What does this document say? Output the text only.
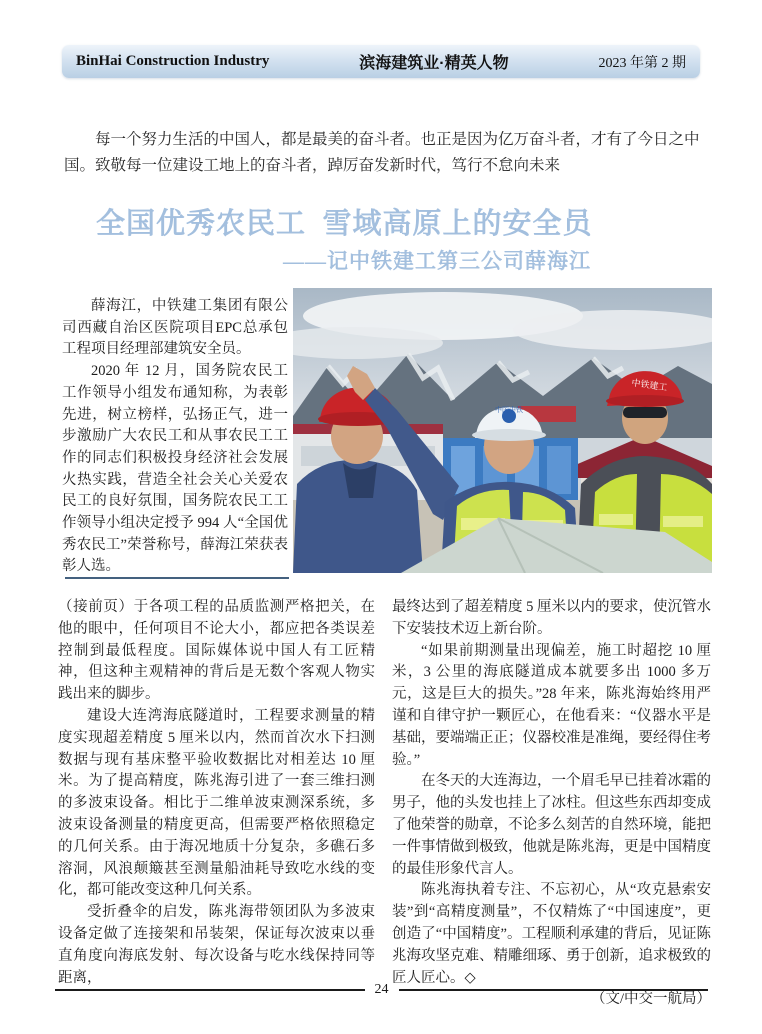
BinHai Construction Industry	滨海建筑业·精英人物	2023 年第 2 期
每一个努力生活的中国人，都是最美的奋斗者。也正是因为亿万奋斗者，才有了今日之中国。致敬每一位建设工地上的奋斗者，踔厉奋发新时代，笃行不怠向未来
全国优秀农民工  雪域高原上的安全员
——记中铁建工第三公司薛海江

薛海江，中铁建工集团有限公司西藏自治区医院项目EPC总承包工程项目经理部建筑安全员。

2020 年 12 月，国务院农民工工作领导小组发布通知称，为表彰先进，树立榜样，弘扬正气，进一步激励广大农民工和从事农民工工作的同志们积极投身经济社会发展火热实践，营造全社会关心关爱农民工的良好氛围，国务院农民工工作领导小组决定授予 994 人“全国优秀农民工”荣誉称号，薛海江荣获表彰人选。

中国中铁
中铁建工

（接前页）于各项工程的品质监测严格把关，在他的眼中，任何项目不论大小，都应把各类误差控制到最低程度。国际媒体说中国人有工匠精神，但这种主观精神的背后是无数个客观人物实践出来的脚步。

建设大连湾海底隧道时，工程要求测量的精度实现超差精度 5 厘米以内，然而首次水下扫测数据与现有基床整平验收数据比对相差达 10 厘米。为了提高精度，陈兆海引进了一套三维扫测的多波束设备。相比于二维单波束测深系统，多波束设备测量的精度更高，但需要严格依照稳定的几何关系。由于海况地质十分复杂，多礁石多溶洞，风浪颠簸甚至测量船油耗导致吃水线的变化，都可能改变这种几何关系。

受折叠伞的启发，陈兆海带领团队为多波束设备定做了连接架和吊装架，保证每次波束以垂直角度向海底发射、每次设备与吃水线保持同等距离，

最终达到了超差精度 5 厘米以内的要求，使沉管水下安装技术迈上新台阶。

“如果前期测量出现偏差，施工时超挖 10 厘米，3 公里的海底隧道成本就要多出 1000 多万元，这是巨大的损失。”28 年来，陈兆海始终用严谨和自律守护一颗匠心，在他看来：“仪器水平是基础，要端端正正；仪器校准是准绳，要经得住考验。”

在冬天的大连海边，一个眉毛早已挂着冰霜的男子，他的头发也挂上了冰柱。但这些东西却变成了他荣誉的勋章，不论多么刻苦的自然环境，能把一件事情做到极致，他就是陈兆海，更是中国精度的最佳形象代言人。

陈兆海执着专注、不忘初心，从“攻克悬索安装”到“高精度测量”，不仅精炼了“中国速度”，更创造了“中国精度”。工程顺利承建的背后，见证陈兆海攻坚克难、精雕细琢、勇于创新，追求极致的匠人匠心。◇

（文/中交一航局）

24
